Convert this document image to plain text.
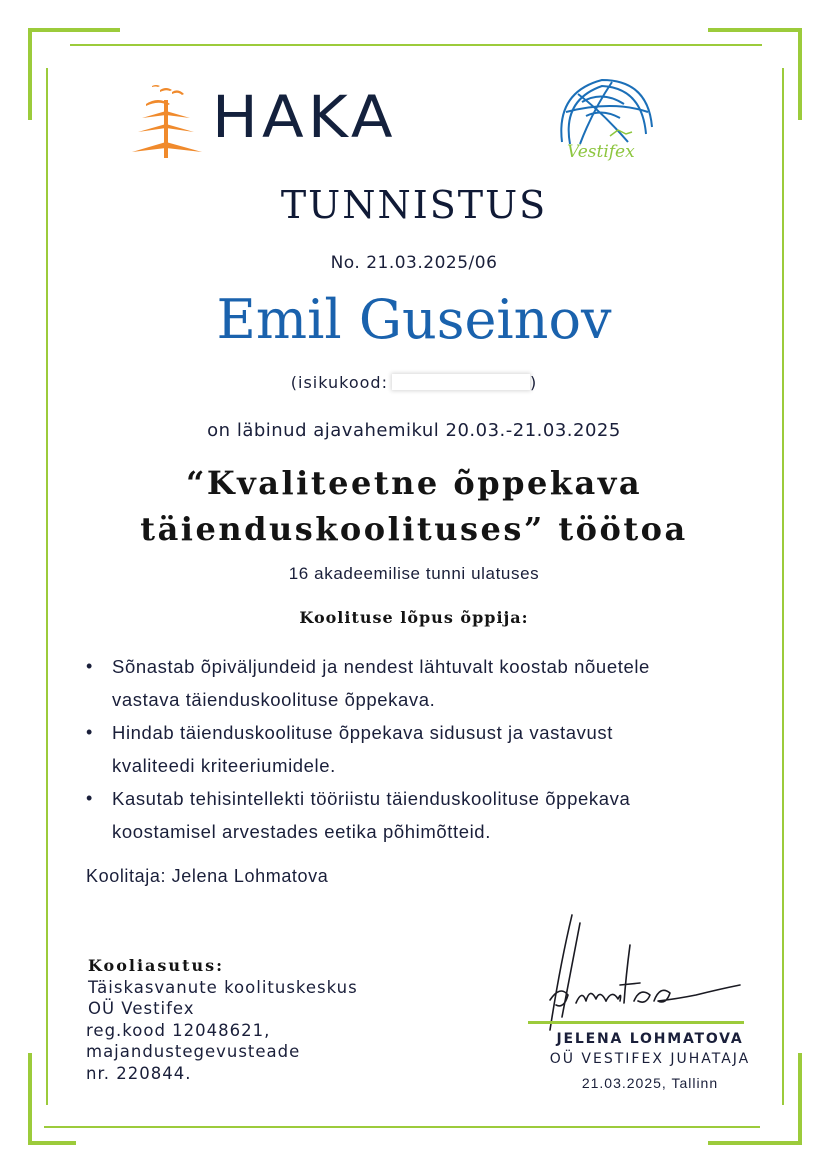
HAKA
Vestifex
TUNNISTUS
No. 21.03.2025/06
Emil Guseinov
(isikukood:	)
on läbinud ajavahemikul 20.03.-21.03.2025
“Kvaliteetne õppekava
täienduskoolituses” töötoa
16 akadeemilise tunni ulatuses
Koolituse lõpus õppija:
• Sõnastab õpiväljundeid ja nendest lähtuvalt koostab nõuetele
vastava täienduskoolituse õppekava.
• Hindab täienduskoolituse õppekava sidusust ja vastavust
kvaliteedi kriteeriumidele.
• Kasutab tehisintellekti tööriistu täienduskoolituse õppekava
koostamisel arvestades eetika põhimõtteid.
Koolitaja: Jelena Lohmatova
Kooliasutus:
Täiskasvanute koolituskeskus
OÜ Vestifex
reg.kood 12048621,
majandustegevusteade
nr. 220844.
JELENA LOHMATOVA
OÜ VESTIFEX JUHATAJA
21.03.2025, Tallinn
